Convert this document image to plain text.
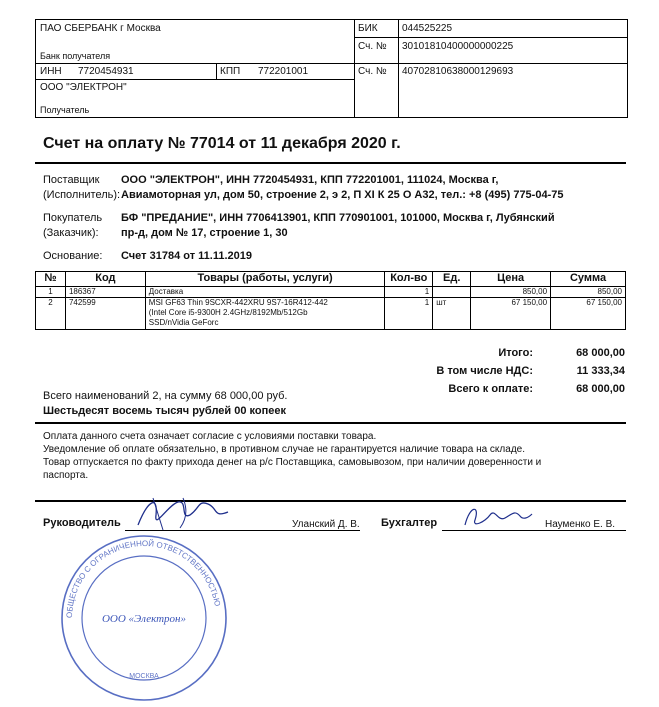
ПАО СБЕРБАНК г Москва
Банк получателя
БИК 044525225
Сч. № 30101810400000000225
ИНН 7720454931	КПП 772201001	Сч. № 40702810638000129693
ООО "ЭЛЕКТРОН"
Получатель
Счет на оплату № 77014 от 11 декабря 2020 г.
Поставщик
(Исполнитель):
ООО "ЭЛЕКТРОН", ИНН 7720454931, КПП 772201001, 111024, Москва г,
Авиамоторная ул, дом 50, строение 2, э 2, П XI К 25 О А32, тел.: +8 (495) 775-04-75
Покупатель
(Заказчик):
БФ "ПРЕДАНИЕ", ИНН 7706413901, КПП 770901001, 101000, Москва г, Лубянский
пр-д, дом № 17, строение 1, 30
Основание: Счет 31784 от 11.11.2019
№	Код	Товары (работы, услуги)	Кол-во	Ед.	Цена	Сумма
1	186367	Доставка	1		850,00	850,00
2	742599	MSI GF63 Thin 9SCXR-442XRU 9S7-16R412-442
(Intel Core i5-9300H 2.4GHz/8192Mb/512Gb
SSD/nVidia GeForc	1	шт	67 150,00	67 150,00
Итого:	68 000,00
В том числе НДС:	11 333,34
Всего к оплате:	68 000,00
Всего наименований 2, на сумму 68 000,00 руб.
Шестьдесят восемь тысяч рублей 00 копеек
Оплата данного счета означает согласие с условиями поставки товара.
Уведомление об оплате обязательно, в противном случае не гарантируется наличие товара на складе.
Товар отпускается по факту прихода денег на р/с Поставщика, самовывозом, при наличии доверенности и
паспорта.
Руководитель	Уланский Д. В. Бухгалтер	Науменко Е. В.
ОБЩЕСТВО С ОГРАНИЧЕННОЙ ОТВЕТСТВЕННОСТЬЮ
ООО «Электрон»
МОСКВА
